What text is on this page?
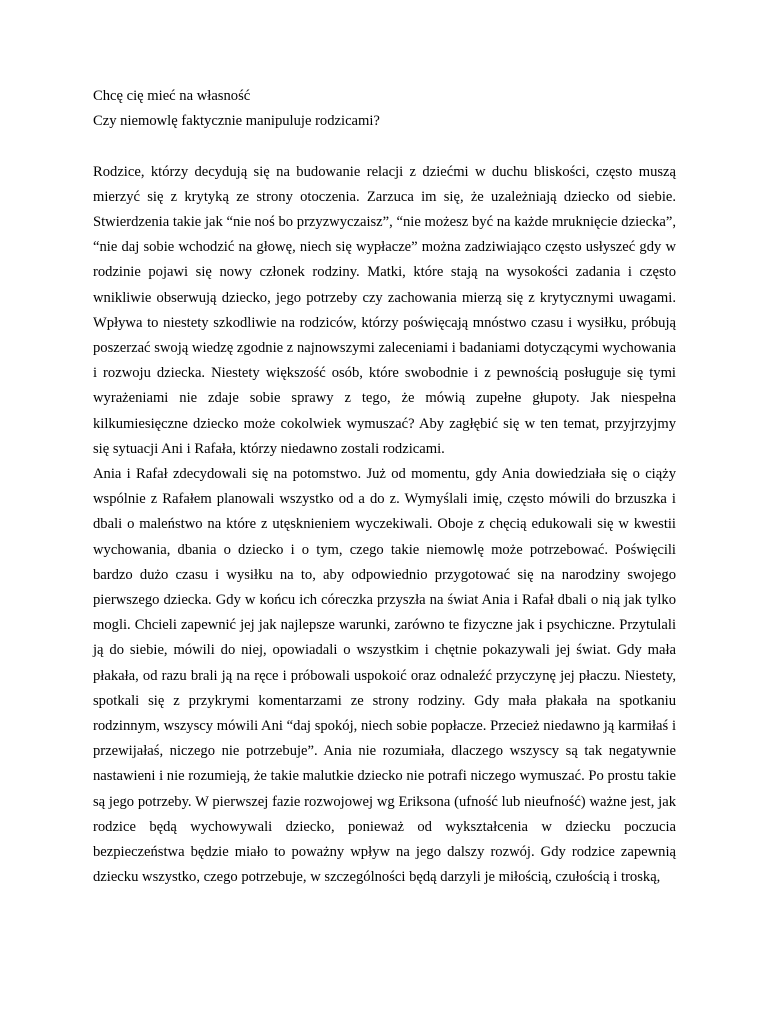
Chcę cię mieć na własność

Czy niemowlę faktycznie manipuluje rodzicami?

Rodzice, którzy decydują się na budowanie relacji z dziećmi w duchu bliskości, często muszą mierzyć się z krytyką ze strony otoczenia. Zarzuca im się, że uzależniają dziecko od siebie. Stwierdzenia takie jak “nie noś bo przyzwyczaisz”, “nie możesz być na każde mruknięcie dziecka”, “nie daj sobie wchodzić na głowę, niech się wypłacze” można zadziwiająco często usłyszeć gdy w rodzinie pojawi się nowy członek rodziny. Matki, które stają na wysokości zadania i często wnikliwie obserwują dziecko, jego potrzeby czy zachowania mierzą się z krytycznymi uwagami. Wpływa to niestety szkodliwie na rodziców, którzy poświęcają mnóstwo czasu i wysiłku, próbują poszerzać swoją wiedzę zgodnie z najnowszymi zaleceniami i badaniami dotyczącymi wychowania i rozwoju dziecka. Niestety większość osób, które swobodnie i z pewnością posługuje się tymi wyrażeniami nie zdaje sobie sprawy z tego, że mówią zupełne głupoty. Jak niespełna kilkumiesięczne dziecko może cokolwiek wymuszać? Aby zagłębić się w ten temat, przyjrzyjmy się sytuacji Ani i Rafała, którzy niedawno zostali rodzicami.

Ania i Rafał zdecydowali się na potomstwo. Już od momentu, gdy Ania dowiedziała się o ciąży wspólnie z Rafałem planowali wszystko od a do z. Wymyślali imię, często mówili do brzuszka i dbali o maleństwo na które z utęsknieniem wyczekiwali. Oboje z chęcią edukowali się w kwestii wychowania, dbania o dziecko i o tym, czego takie niemowlę może potrzebować. Poświęcili bardzo dużo czasu i wysiłku na to, aby odpowiednio przygotować się na narodziny swojego pierwszego dziecka. Gdy w końcu ich córeczka przyszła na świat Ania i Rafał dbali o nią jak tylko mogli. Chcieli zapewnić jej jak najlepsze warunki, zarówno te fizyczne jak i psychiczne. Przytulali ją do siebie, mówili do niej, opowiadali o wszystkim i chętnie pokazywali jej świat. Gdy mała płakała, od razu brali ją na ręce i próbowali uspokoić oraz odnaleźć przyczynę jej płaczu. Niestety, spotkali się z przykrymi komentarzami ze strony rodziny. Gdy mała płakała na spotkaniu rodzinnym, wszyscy mówili Ani “daj spokój, niech sobie popłacze. Przecież niedawno ją karmiłaś i przewijałaś, niczego nie potrzebuje”. Ania nie rozumiała, dlaczego wszyscy są tak negatywnie nastawieni i nie rozumieją, że takie malutkie dziecko nie potrafi niczego wymuszać. Po prostu takie są jego potrzeby. W pierwszej fazie rozwojowej wg Eriksona (ufność lub nieufność) ważne jest, jak rodzice będą wychowywali dziecko, ponieważ od wykształcenia w dziecku poczucia bezpieczeństwa będzie miało to poważny wpływ na jego dalszy rozwój. Gdy rodzice zapewnią dziecku wszystko, czego potrzebuje, w szczególności będą darzyli je miłością, czułością i troską,
